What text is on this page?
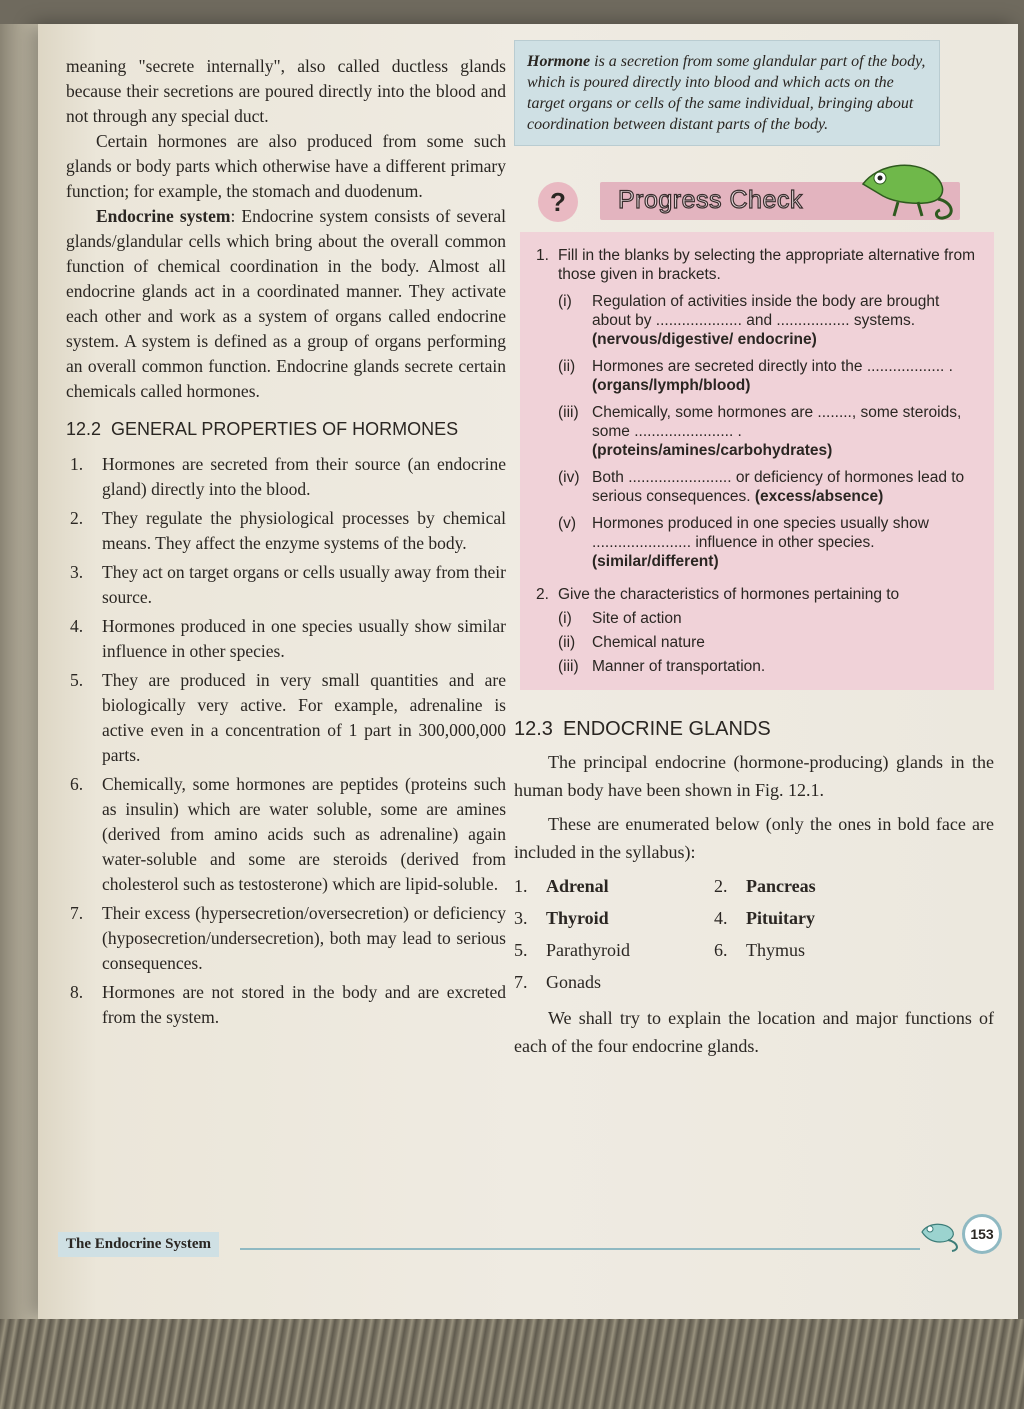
meaning "secrete internally", also called ductless glands because their secretions are poured directly into the blood and not through any special duct.

Certain hormones are also produced from some such glands or body parts which otherwise have a different primary function; for example, the stomach and duodenum.

Endocrine system: Endocrine system consists of several glands/glandular cells which bring about the overall common function of chemical coordination in the body. Almost all endocrine glands act in a coordinated manner. They activate each other and work as a system of organs called endocrine system. A system is defined as a group of organs performing an overall common function. Endocrine glands secrete certain chemicals called hormones.

12.2 GENERAL PROPERTIES OF HORMONES
1.	Hormones are secreted from their source (an endocrine gland) directly into the blood.
2.	They regulate the physiological processes by chemical means. They affect the enzyme systems of the body.
3.	They act on target organs or cells usually away from their source.
4.	Hormones produced in one species usually show similar influence in other species.
5.	They are produced in very small quantities and are biologically very active. For example, adrenaline is active even in a concentration of 1 part in 300,000,000 parts.
6.	Chemically, some hormones are peptides (proteins such as insulin) which are water soluble, some are amines (derived from amino acids such as adrenaline) again water-soluble and some are steroids (derived from cholesterol such as testosterone) which are lipid-soluble.
7.	Their excess (hypersecretion/oversecretion) or deficiency (hyposecretion/undersecretion), both may lead to serious consequences.
8.	Hormones are not stored in the body and are excreted from the system.
Hormone is a secretion from some glandular part of the body, which is poured directly into blood and which acts on the target organs or cells of the same individual, bringing about coordination between distant parts of the body.
?	Progress Check
1. Fill in the blanks by selecting the appropriate alternative from those given in brackets.
(i)	Regulation of activities inside the body are brought about by .................... and ................. systems. (nervous/digestive/ endocrine)
(ii)	Hormones are secreted directly into the .................. . (organs/lymph/blood)
(iii) Chemically, some hormones are ........, some steroids, some ....................... . (proteins/amines/carbohydrates)
(iv) Both ........................ or deficiency of hormones lead to serious consequences. (excess/absence)
(v)	Hormones produced in one species usually show ....................... influence in other species. (similar/different)
2. Give the characteristics of hormones pertaining to
(i)	Site of action
(ii)	Chemical nature
(iii) Manner of transportation.
12.3 ENDOCRINE GLANDS

The principal endocrine (hormone-producing) glands in the human body have been shown in Fig. 12.1.

These are enumerated below (only the ones in bold face are included in the syllabus):

1.	Adrenal	2.	Pancreas
3.	Thyroid	4.	Pituitary
5.	Parathyroid	6.	Thymus
7.	Gonads

We shall try to explain the location and major functions of each of the four endocrine glands.

The Endocrine System
153
